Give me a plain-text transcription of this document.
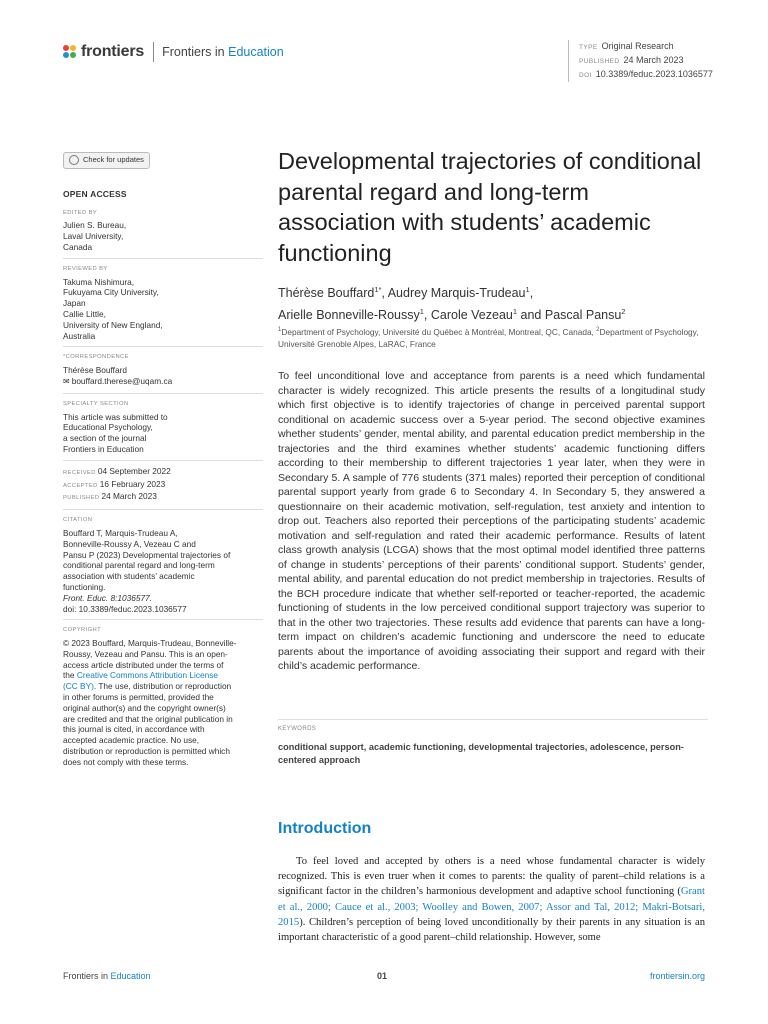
frontiers Frontiers in Education	TYPE Original Research
PUBLISHED 24 March 2023
DOI 10.3389/feduc.2023.1036577
Check for updates
OPEN ACCESS
EDITED BY
Julien S. Bureau,
Laval University,
Canada
REVIEWED BY
Takuma Nishimura,
Fukuyama City University,
Japan
Callie Little,
University of New England,
Australia
*CORRESPONDENCE
Thérèse Bouffard
✉ bouffard.therese@uqam.ca
SPECIALTY SECTION
This article was submitted to
Educational Psychology,
a section of the journal
Frontiers in Education
RECEIVED 04 September 2022
ACCEPTED 16 February 2023
PUBLISHED 24 March 2023
CITATION
Bouffard T, Marquis-Trudeau A,
Bonneville-Roussy A, Vezeau C and
Pansu P (2023) Developmental trajectories of
conditional parental regard and long-term
association with students’ academic
functioning.
Front. Educ. 8:1036577.
doi: 10.3389/feduc.2023.1036577
COPYRIGHT
© 2023 Bouffard, Marquis-Trudeau, Bonneville-
Roussy, Vezeau and Pansu. This is an open-
access article distributed under the terms of
the Creative Commons Attribution License
(CC BY). The use, distribution or reproduction
in other forums is permitted, provided the
original author(s) and the copyright owner(s)
are credited and that the original publication in
this journal is cited, in accordance with
accepted academic practice. No use,
distribution or reproduction is permitted which
does not comply with these terms.
Developmental trajectories of conditional parental regard and long-term association with students’ academic functioning
Thérèse Bouffard$^{1*}$, Audrey Marquis-Trudeau$^1$,
Arielle Bonneville-Roussy$^1$, Carole Vezeau$^1$ and Pascal Pansu$^2$
$^1$Department of Psychology, Université du Québec à Montréal, Montreal, QC, Canada, $^2$Department of Psychology, Université Grenoble Alpes, LaRAC, France

To feel unconditional love and acceptance from parents is a need which fundamental character is widely recognized. This article presents the results of a longitudinal study which first objective is to identify trajectories of change in perceived parental support conditional on academic success over a 5-year period. The second objective examines whether students’ gender, mental ability, and parental education predict membership in the trajectories and the third examines whether students’ academic functioning differs according to their membership to different trajectories 1 year later, when they were in Secondary 5. A sample of 776 students (371 males) reported their perception of conditional parental support yearly from grade 6 to Secondary 4. In Secondary 5, they answered a questionnaire on their academic motivation, self-regulation, test anxiety and intention to drop out. Teachers also reported their perceptions of the participating students’ academic motivation and self-regulation and rated their academic performance. Results of latent class growth analysis (LCGA) shows that the most optimal model identified three patterns of change in students’ perceptions of their parents’ conditional support. Students’ gender, mental ability, and parental education do not predict membership in trajectories. Results of the BCH procedure indicate that whether self-reported or teacher-reported, the academic functioning of students in the low perceived conditional support trajectory was superior to that in the other two trajectories. These results add evidence that parents can have a long-term impact on children’s academic functioning and underscore the need to educate parents about the importance of avoiding associating their support and regard with their child’s academic performance.

KEYWORDS
conditional support, academic functioning, developmental trajectories, adolescence, person-centered approach
Introduction

To feel loved and accepted by others is a need whose fundamental character is widely recognized. This is even truer when it comes to parents: the quality of parent–child relations is a significant factor in the children’s harmonious development and adaptive school functioning (Grant et al., 2000; Cauce et al., 2003; Woolley and Bowen, 2007; Assor and Tal, 2012; Makri-Botsari, 2015). Children’s perception of being loved unconditionally by their parents in any situation is an important characteristic of a good parent–child relationship. However, some

Frontiers in Education	01	frontiersin.org
